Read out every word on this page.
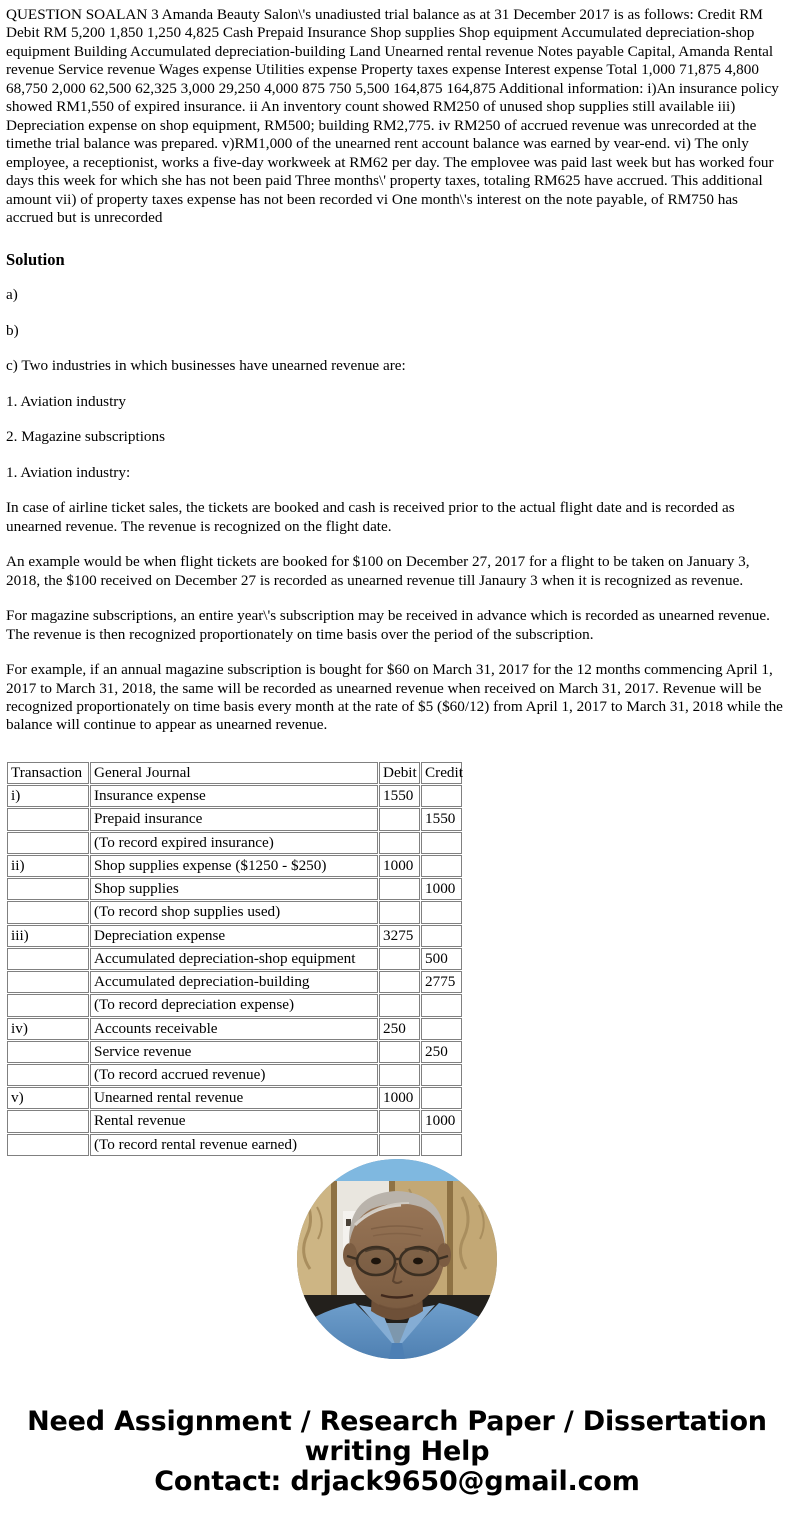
QUESTION SOALAN 3 Amanda Beauty Salon\'s unadiusted trial balance as at 31 December 2017 is as follows: Credit RM Debit RM 5,200 1,850 1,250 4,825 Cash Prepaid Insurance Shop supplies Shop equipment Accumulated depreciation-shop equipment Building Accumulated depreciation-building Land Unearned rental revenue Notes payable Capital, Amanda Rental revenue Service revenue Wages expense Utilities expense Property taxes expense Interest expense Total 1,000 71,875 4,800 68,750 2,000 62,500 62,325 3,000 29,250 4,000 875 750 5,500 164,875 164,875 Additional information: i)An insurance policy showed RM1,550 of expired insurance. ii An inventory count showed RM250 of unused shop supplies still available iii) Depreciation expense on shop equipment, RM500; building RM2,775. iv RM250 of accrued revenue was unrecorded at the timethe trial balance was prepared. v)RM1,000 of the unearned rent account balance was earned by vear-end. vi) The only employee, a receptionist, works a five-day workweek at RM62 per day. The emplovee was paid last week but has worked four days this week for which she has not been paid Three months\' property taxes, totaling RM625 have accrued. This additional amount vii) of property taxes expense has not been recorded vi One month\'s interest on the note payable, of RM750 has accrued but is unrecorded

Solution

a)

b)

c) Two industries in which businesses have unearned revenue are:

1. Aviation industry

2. Magazine subscriptions

1. Aviation industry:

In case of airline ticket sales, the tickets are booked and cash is received prior to the actual flight date and is recorded as unearned revenue. The revenue is recognized on the flight date.

An example would be when flight tickets are booked for $100 on December 27, 2017 for a flight to be taken on January 3, 2018, the $100 received on December 27 is recorded as unearned revenue till Janaury 3 when it is recognized as revenue.

For magazine subscriptions, an entire year\'s subscription may be received in advance which is recorded as unearned revenue. The revenue is then recognized proportionately on time basis over the period of the subscription.

For example, if an annual magazine subscription is bought for $60 on March 31, 2017 for the 12 months commencing April 1, 2017 to March 31, 2018, the same will be recorded as unearned revenue when received on March 31, 2017. Revenue will be recognized proportionately on time basis every month at the rate of $5 ($60/12) from April 1, 2017 to March 31, 2018 while the balance will continue to appear as unearned revenue.

Transaction	General Journal	Debit	Credit
i)	Insurance expense	1550	
	Prepaid insurance		1550
	(To record expired insurance)		
ii)	Shop supplies expense ($1250 - $250)	1000	
	Shop supplies		1000
	(To record shop supplies used)		
iii)	Depreciation expense	3275	
	Accumulated depreciation-shop equipment		500
	Accumulated depreciation-building		2775
	(To record depreciation expense)		
iv)	Accounts receivable	250	
	Service revenue		250
	(To record accrued revenue)		
v)	Unearned rental revenue	1000	
	Rental revenue		1000
	(To record rental revenue earned)		
Need Assignment / Research Paper / Dissertation writing Help
Contact: drjack9650@gmail.com
